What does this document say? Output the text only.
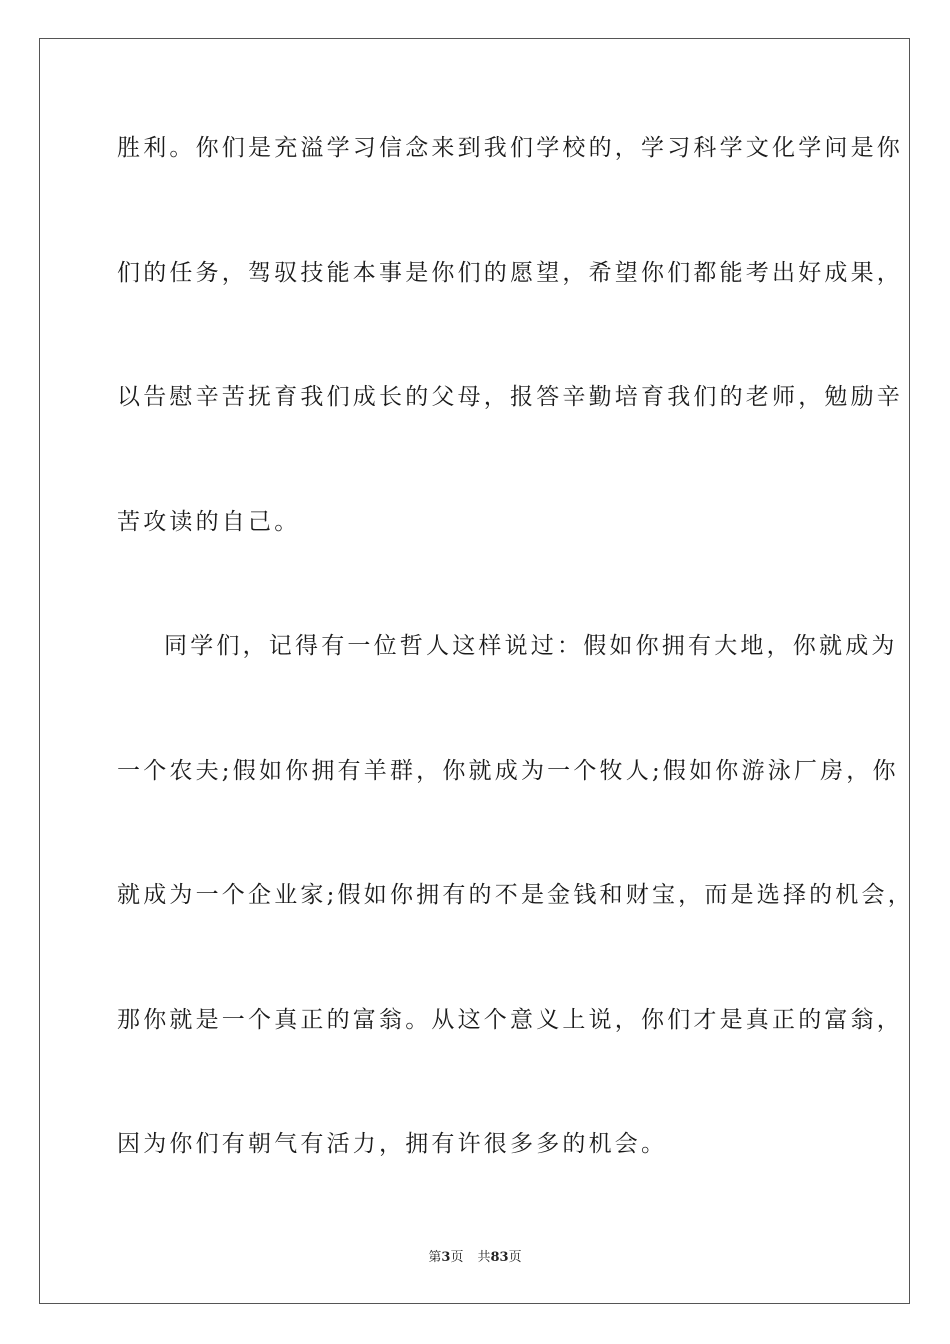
胜利。你们是充溢学习信念来到我们学校的，学习科学文化学问是你
们的任务，驾驭技能本事是你们的愿望，希望你们都能考出好成果，
以告慰辛苦抚育我们成长的父母，报答辛勤培育我们的老师，勉励辛
苦攻读的自己。
同学们，记得有一位哲人这样说过：假如你拥有大地，你就成为
一个农夫;假如你拥有羊群，你就成为一个牧人;假如你游泳厂房，你
就成为一个企业家;假如你拥有的不是金钱和财宝，而是选择的机会，
那你就是一个真正的富翁。从这个意义上说，你们才是真正的富翁，
因为你们有朝气有活力，拥有许很多多的机会。
第3页 共83页
